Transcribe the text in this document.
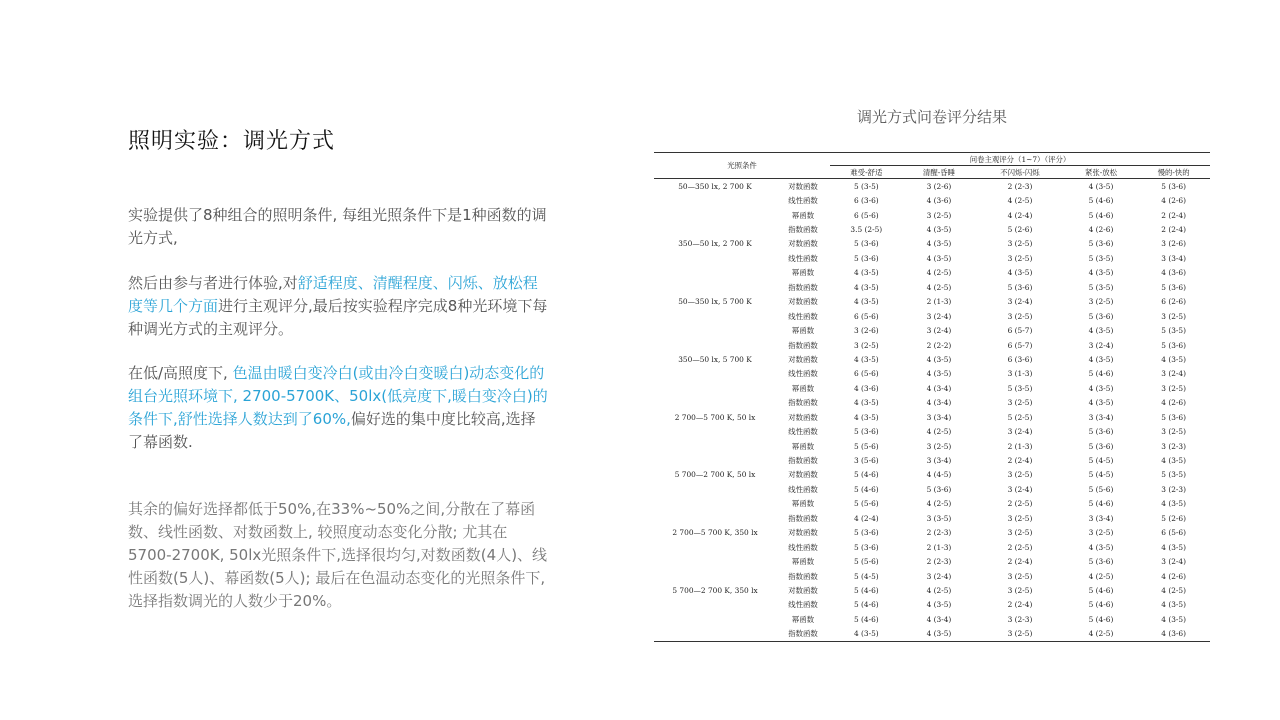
照明实验：调光方式
实验提供了8种组合的照明条件, 每组光照条件下是1种函数的调光方式,
然后由参与者进行体验,对舒适程度、清醒程度、闪烁、放松程度等几个方面进行主观评分,最后按实验程序完成8种光环境下每种调光方式的主观评分。
在低/高照度下, 色温由暖白变冷白(或由冷白变暖白)动态变化的组台光照环境下, 2700-5700K、50lx(低亮度下,暖白变冷白)的条件下,舒性选择人数达到了60%,偏好选的集中度比较高,选择了幕函数.
其余的偏好选择都低于50%,在33%~50%之间,分散在了幕函数、线性函数、对数函数上, 较照度动态变化分散; 尤其在5700-2700K, 50lx光照条件下,选择很均匀,对数函数(4人)、线性函数(5人)、幕函数(5人); 最后在色温动态变化的光照条件下, 选择指数调光的人数少于20%。
调光方式问卷评分结果
光照条件		问卷主观评分（1~7）（评分）				
		难受-舒适	清醒-昏睡	不闪烁-闪烁	紧张-放松	慢的-快的
50—350 lx, 2 700 K	对数函数	5 (3-5)	3 (2-6)	2 (2-3)	4 (3-5)	5 (3-6)
	线性函数	6 (3-6)	4 (3-6)	4 (2-5)	5 (4-6)	4 (2-6)
	幂函数	6 (5-6)	3 (2-5)	4 (2-4)	5 (4-6)	2 (2-4)
	指数函数	3.5 (2-5)	4 (3-5)	5 (2-6)	4 (2-6)	2 (2-4)
350—50 lx, 2 700 K	对数函数	5 (3-6)	4 (3-5)	3 (2-5)	5 (3-6)	3 (2-6)
	线性函数	5 (3-6)	4 (3-5)	3 (2-5)	5 (3-5)	3 (3-4)
	幂函数	4 (3-5)	4 (2-5)	4 (3-5)	4 (3-5)	4 (3-6)
	指数函数	4 (3-5)	4 (2-5)	5 (3-6)	5 (3-5)	5 (3-6)
50—350 lx, 5 700 K	对数函数	4 (3-5)	2 (1-3)	3 (2-4)	3 (2-5)	6 (2-6)
	线性函数	6 (5-6)	3 (2-4)	3 (2-5)	5 (3-6)	3 (2-5)
	幂函数	3 (2-6)	3 (2-4)	6 (5-7)	4 (3-5)	5 (3-5)
	指数函数	3 (2-5)	2 (2-2)	6 (5-7)	3 (2-4)	5 (3-6)
350—50 lx, 5 700 K	对数函数	4 (3-5)	4 (3-5)	6 (3-6)	4 (3-5)	4 (3-5)
	线性函数	6 (5-6)	4 (3-5)	3 (1-3)	5 (4-6)	3 (2-4)
	幂函数	4 (3-6)	4 (3-4)	5 (3-5)	4 (3-5)	3 (2-5)
	指数函数	4 (3-5)	4 (3-4)	3 (2-5)	4 (3-5)	4 (2-6)
2 700—5 700 K, 50 lx	对数函数	4 (3-5)	3 (3-4)	5 (2-5)	3 (3-4)	5 (3-6)
	线性函数	5 (3-6)	4 (2-5)	3 (2-4)	5 (3-6)	3 (2-5)
	幂函数	5 (5-6)	3 (2-5)	2 (1-3)	5 (3-6)	3 (2-3)
	指数函数	3 (5-6)	3 (3-4)	2 (2-4)	5 (4-5)	4 (3-5)
5 700—2 700 K, 50 lx	对数函数	5 (4-6)	4 (4-5)	3 (2-5)	5 (4-5)	5 (3-5)
	线性函数	5 (4-6)	5 (3-6)	3 (2-4)	5 (5-6)	3 (2-3)
	幂函数	5 (5-6)	4 (2-5)	2 (2-5)	5 (4-6)	4 (3-5)
	指数函数	4 (2-4)	3 (3-5)	3 (2-5)	3 (3-4)	5 (2-6)
2 700—5 700 K, 350 lx	对数函数	5 (3-6)	2 (2-3)	3 (2-5)	3 (2-5)	6 (5-6)
	线性函数	5 (3-6)	2 (1-3)	2 (2-5)	4 (3-5)	4 (3-5)
	幂函数	5 (5-6)	2 (2-3)	2 (2-4)	5 (3-6)	3 (2-4)
	指数函数	5 (4-5)	3 (2-4)	3 (2-5)	4 (2-5)	4 (2-6)
5 700—2 700 K, 350 lx	对数函数	5 (4-6)	4 (2-5)	3 (2-5)	5 (4-6)	4 (2-5)
	线性函数	5 (4-6)	4 (3-5)	2 (2-4)	5 (4-6)	4 (3-5)
	幂函数	5 (4-6)	4 (3-4)	3 (2-3)	5 (4-6)	4 (3-5)
	指数函数	4 (3-5)	4 (3-5)	3 (2-5)	4 (2-5)	4 (3-6)
